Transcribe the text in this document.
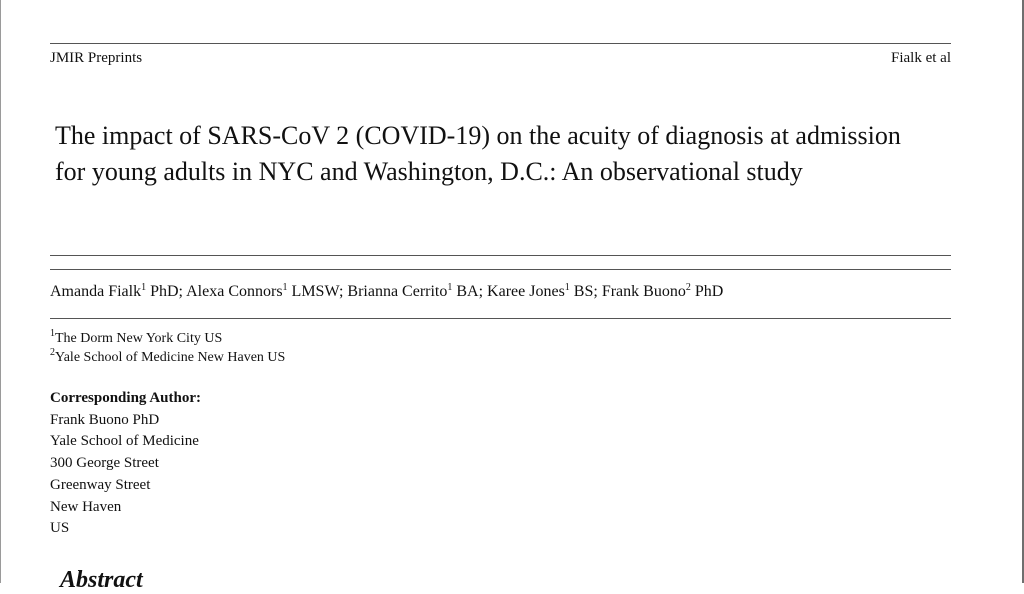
JMIR Preprints	Fialk et al
The impact of SARS-CoV 2 (COVID-19) on the acuity of diagnosis at admission for young adults in NYC and Washington, D.C.: An observational study
Amanda Fialk$^1$ PhD; Alexa Connors$^1$ LMSW; Brianna Cerrito$^1$ BA; Karee Jones$^1$ BS; Frank Buono$^2$ PhD
$^1$The Dorm New York City US
$^2$Yale School of Medicine New Haven US
Corresponding Author:
Frank Buono PhD
Yale School of Medicine
300 George Street
Greenway Street
New Haven
US
Abstract
